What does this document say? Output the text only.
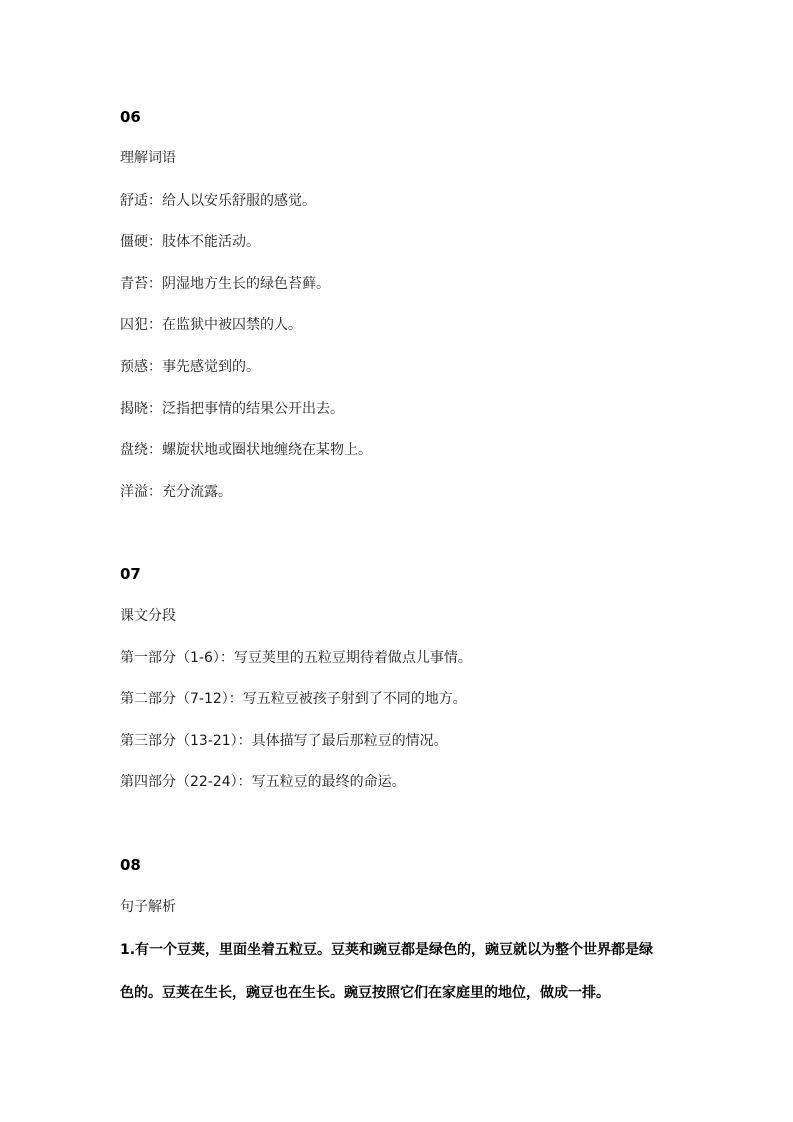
06
理解词语
舒适：给人以安乐舒服的感觉。
僵硬：肢体不能活动。
青苔：阴湿地方生长的绿色苔藓。
囚犯：在监狱中被囚禁的人。
预感：事先感觉到的。
揭晓：泛指把事情的结果公开出去。
盘绕：螺旋状地或圈状地缠绕在某物上。
洋溢：充分流露。
07
课文分段
第一部分（1-6）：写豆荚里的五粒豆期待着做点儿事情。
第二部分（7-12）：写五粒豆被孩子射到了不同的地方。
第三部分（13-21）：具体描写了最后那粒豆的情况。
第四部分（22-24）：写五粒豆的最终的命运。
08
句子解析
1.有一个豆荚，里面坐着五粒豆。豆荚和豌豆都是绿色的，豌豆就以为整个世界都是绿
色的。豆荚在生长，豌豆也在生长。豌豆按照它们在家庭里的地位，做成一排。
